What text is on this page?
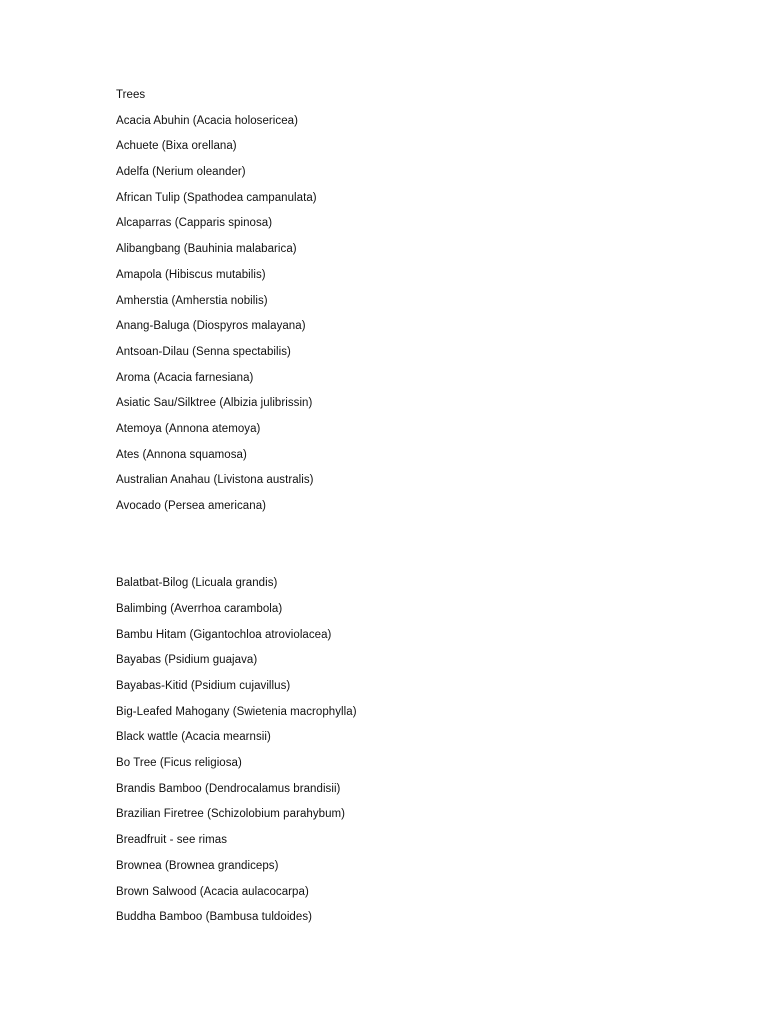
Trees
Acacia Abuhin (Acacia holosericea)
Achuete (Bixa orellana)
Adelfa (Nerium oleander)
African Tulip (Spathodea campanulata)
Alcaparras (Capparis spinosa)
Alibangbang (Bauhinia malabarica)
Amapola (Hibiscus mutabilis)
Amherstia (Amherstia nobilis)
Anang-Baluga (Diospyros malayana)
Antsoan-Dilau (Senna spectabilis)
Aroma (Acacia farnesiana)
Asiatic Sau/Silktree (Albizia julibrissin)
Atemoya (Annona atemoya)
Ates (Annona squamosa)
Australian Anahau (Livistona australis)
Avocado (Persea americana)
Balatbat-Bilog (Licuala grandis)
Balimbing (Averrhoa carambola)
Bambu Hitam (Gigantochloa atroviolacea)
Bayabas (Psidium guajava)
Bayabas-Kitid (Psidium cujavillus)
Big-Leafed Mahogany (Swietenia macrophylla)
Black wattle (Acacia mearnsii)
Bo Tree (Ficus religiosa)
Brandis Bamboo (Dendrocalamus brandisii)
Brazilian Firetree (Schizolobium parahybum)
Breadfruit - see rimas
Brownea (Brownea grandiceps)
Brown Salwood (Acacia aulacocarpa)
Buddha Bamboo (Bambusa tuldoides)
